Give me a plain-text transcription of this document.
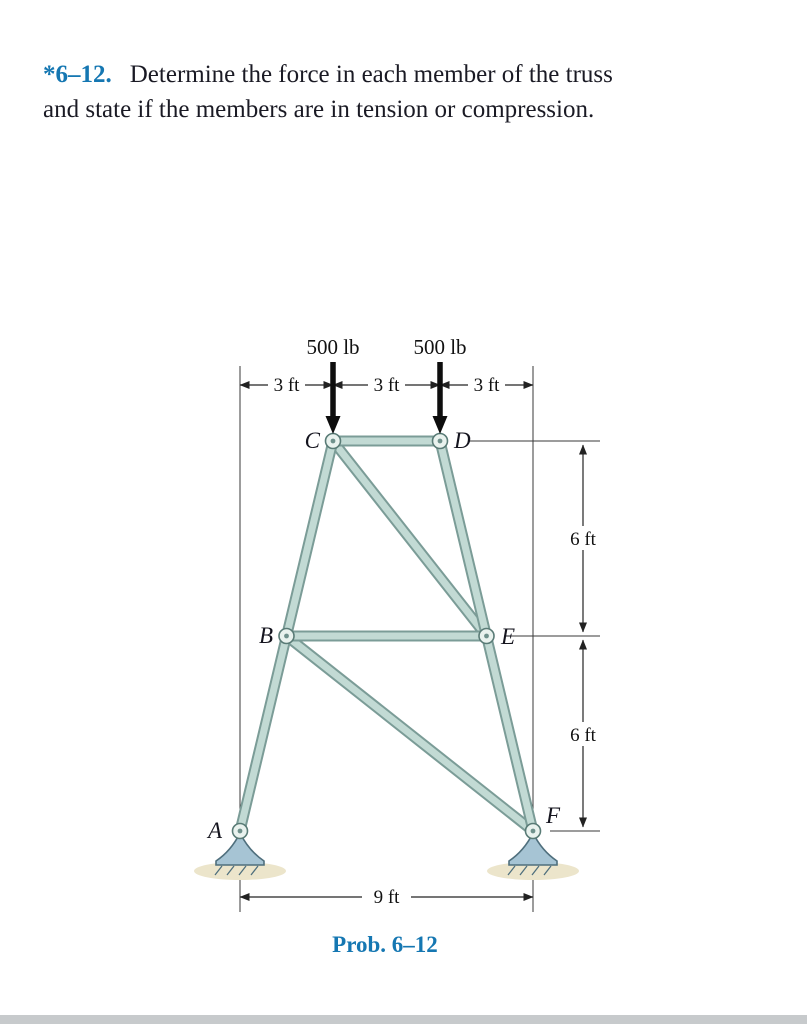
*6–12. Determine the force in each member of the truss
and state if the members are in tension or compression.

3 ft	3 ft	3 ft
6 ft
6 ft
9 ft
500 lb	500 lb
A
B
C	D
E
F

Prob. 6–12
